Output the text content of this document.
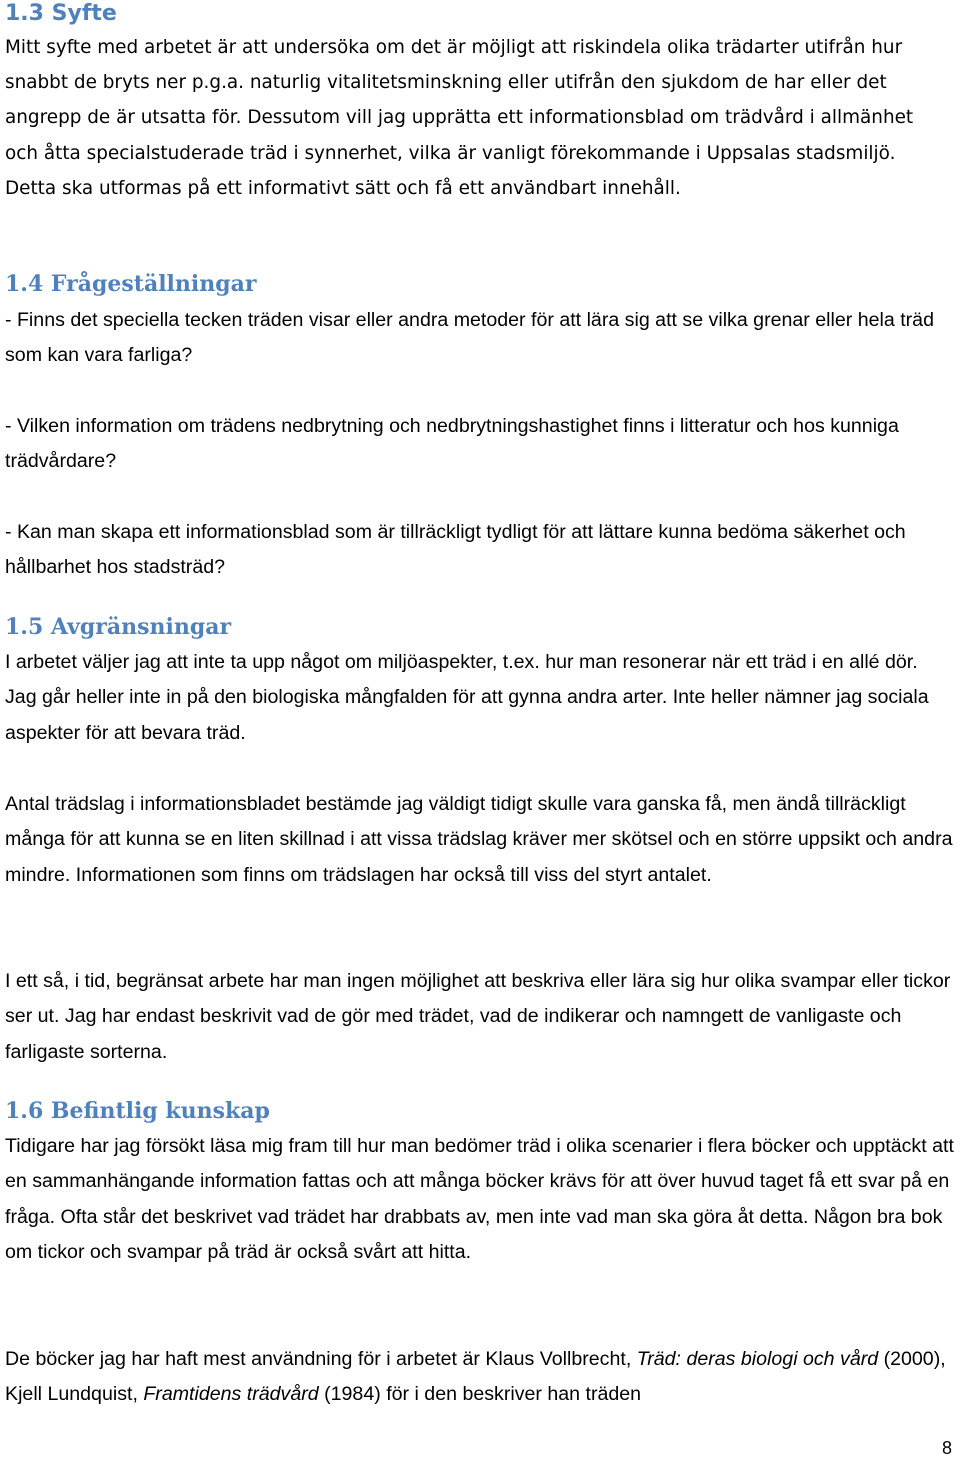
1.3 Syfte

Mitt syfte med arbetet är att undersöka om det är möjligt att riskindela olika trädarter utifrån hur snabbt de bryts ner p.g.a. naturlig vitalitetsminskning eller utifrån den sjukdom de har eller det angrepp de är utsatta för. Dessutom vill jag upprätta ett informationsblad om trädvård i allmänhet och åtta specialstuderade träd i synnerhet, vilka är vanligt förekommande i Uppsalas stadsmiljö. Detta ska utformas på ett informativt sätt och få ett användbart innehåll.

1.4 Frågeställningar

- Finns det speciella tecken träden visar eller andra metoder för att lära sig att se vilka grenar eller hela träd som kan vara farliga?

- Vilken information om trädens nedbrytning och nedbrytningshastighet finns i litteratur och hos kunniga trädvårdare?

- Kan man skapa ett informationsblad som är tillräckligt tydligt för att lättare kunna bedöma säkerhet och hållbarhet hos stadsträd?

1.5 Avgränsningar

I arbetet väljer jag att inte ta upp något om miljöaspekter, t.ex. hur man resonerar när ett träd i en allé dör. Jag går heller inte in på den biologiska mångfalden för att gynna andra arter. Inte heller nämner jag sociala aspekter för att bevara träd.

Antal trädslag i informationsbladet bestämde jag väldigt tidigt skulle vara ganska få, men ändå tillräckligt många för att kunna se en liten skillnad i att vissa trädslag kräver mer skötsel och en större uppsikt och andra mindre. Informationen som finns om trädslagen har också till viss del styrt antalet.

I ett så, i tid, begränsat arbete har man ingen möjlighet att beskriva eller lära sig hur olika svampar eller tickor ser ut. Jag har endast beskrivit vad de gör med trädet, vad de indikerar och namngett de vanligaste och farligaste sorterna.

1.6 Befintlig kunskap

Tidigare har jag försökt läsa mig fram till hur man bedömer träd i olika scenarier i flera böcker och upptäckt att en sammanhängande information fattas och att många böcker krävs för att över huvud taget få ett svar på en fråga. Ofta står det beskrivet vad trädet har drabbats av, men inte vad man ska göra åt detta. Någon bra bok om tickor och svampar på träd är också svårt att hitta.

De böcker jag har haft mest användning för i arbetet är Klaus Vollbrecht, Träd: deras biologi och vård (2000), Kjell Lundquist, Framtidens trädvård (1984) för i den beskriver han träden

8
